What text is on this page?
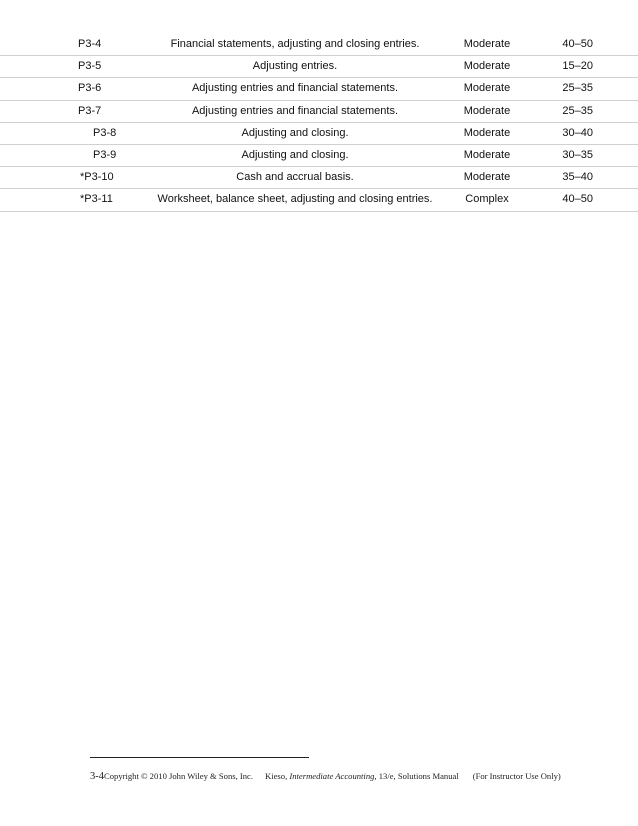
P3-4	Financial statements, adjusting and closing entries.	Moderate	40–50
P3-5	Adjusting entries.	Moderate	15–20
P3-6	Adjusting entries and financial statements.	Moderate	25–35
P3-7	Adjusting entries and financial statements.	Moderate	25–35
P3-8	Adjusting and closing.	Moderate	30–40
P3-9	Adjusting and closing.	Moderate	30–35
*P3-10	Cash and accrual basis.	Moderate	35–40
*P3-11	Worksheet, balance sheet, adjusting and closing entries.	Complex	40–50
3-4Copyright © 2010 John Wiley & Sons, Inc. Kieso, Intermediate Accounting, 13/e, Solutions Manual (For Instructor Use Only)
